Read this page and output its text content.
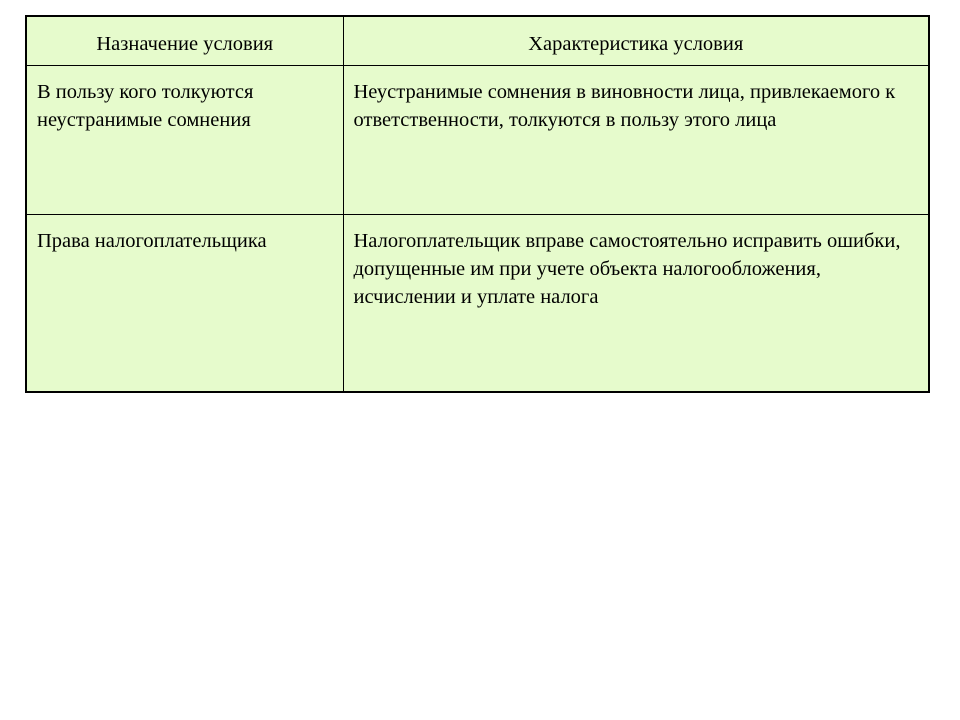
Назначение условия	Характеристика условия
В пользу кого толкуются неустранимые сомнения	Неустранимые сомнения в виновности лица, привлекаемого к ответственности, толкуются в пользу этого лица
Права налогоплательщика	Налогоплательщик вправе самостоятельно исправить ошибки, допущенные им при учете объекта налогообложения, исчислении и уплате налога
